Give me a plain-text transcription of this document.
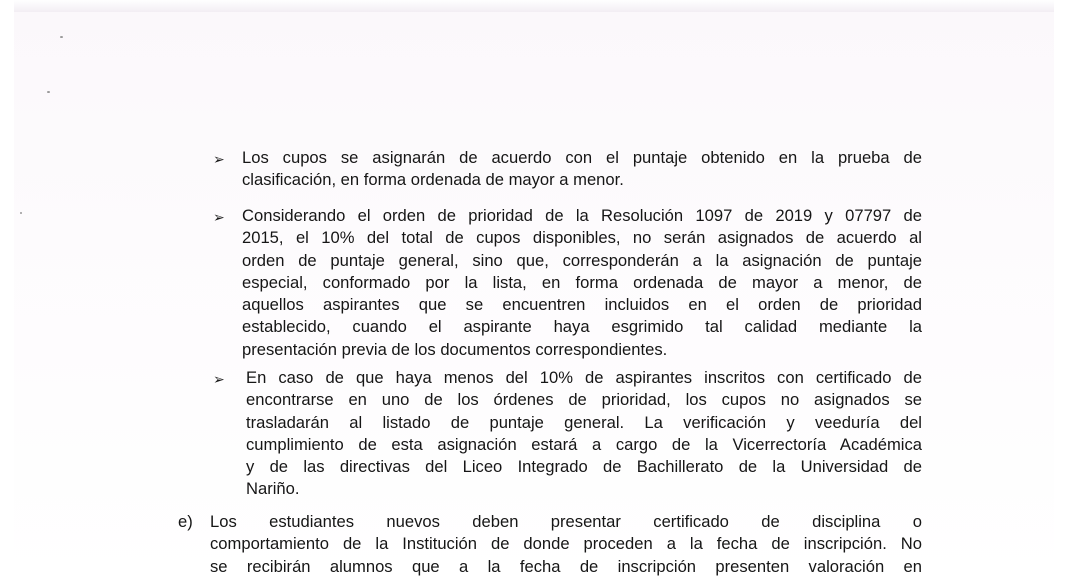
➢	Los cupos se asignarán de acuerdo con el puntaje obtenido en la prueba de
clasificación, en forma ordenada de mayor a menor.
➢	Considerando el orden de prioridad de la Resolución 1097 de 2019 y 07797 de
2015, el 10% del total de cupos disponibles, no serán asignados de acuerdo al
orden de puntaje general, sino que, corresponderán a la asignación de puntaje
especial, conformado por la lista, en forma ordenada de mayor a menor, de
aquellos aspirantes que se encuentren incluidos en el orden de prioridad
establecido, cuando el aspirante haya esgrimido tal calidad mediante la
presentación previa de los documentos correspondientes.
➢	En caso de que haya menos del 10% de aspirantes inscritos con certificado de
encontrarse en uno de los órdenes de prioridad, los cupos no asignados se
trasladarán al listado de puntaje general. La verificación y veeduría del
cumplimiento de esta asignación estará a cargo de la Vicerrectoría Académica
y de las directivas del Liceo Integrado de Bachillerato de la Universidad de
Nariño.
e) Los estudiantes nuevos deben presentar certificado de disciplina o
comportamiento de la Institución de donde proceden a la fecha de inscripción. No
se recibirán alumnos que a la fecha de inscripción presenten valoración en
